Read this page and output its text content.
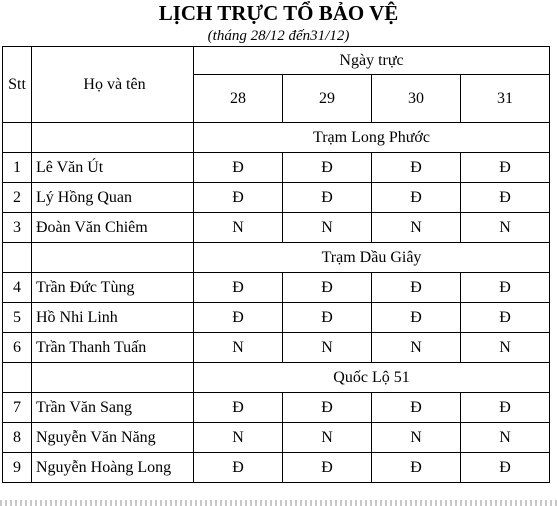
LỊCH TRỰC TỔ BẢO VỆ
(tháng 28/12 đến31/12)
Stt	Họ và tên	Ngày trực			
		28	29	30	31
		Trạm Long Phước			
1	Lê Văn Út	Đ	Đ	Đ	Đ
2	Lý Hồng Quan	Đ	Đ	Đ	Đ
3	Đoàn Văn Chiêm	N	N	N	N
		Trạm Dầu Giây			
4	Trần Đức Tùng	Đ	Đ	Đ	Đ
5	Hồ Nhi Linh	Đ	Đ	Đ	Đ
6	Trần Thanh Tuấn	N	N	N	N
		Quốc Lộ 51			
7	Trần Văn Sang	Đ	Đ	Đ	Đ
8	Nguyễn Văn Năng	N	N	N	N
9	Nguyễn Hoàng Long	Đ	Đ	Đ	Đ
